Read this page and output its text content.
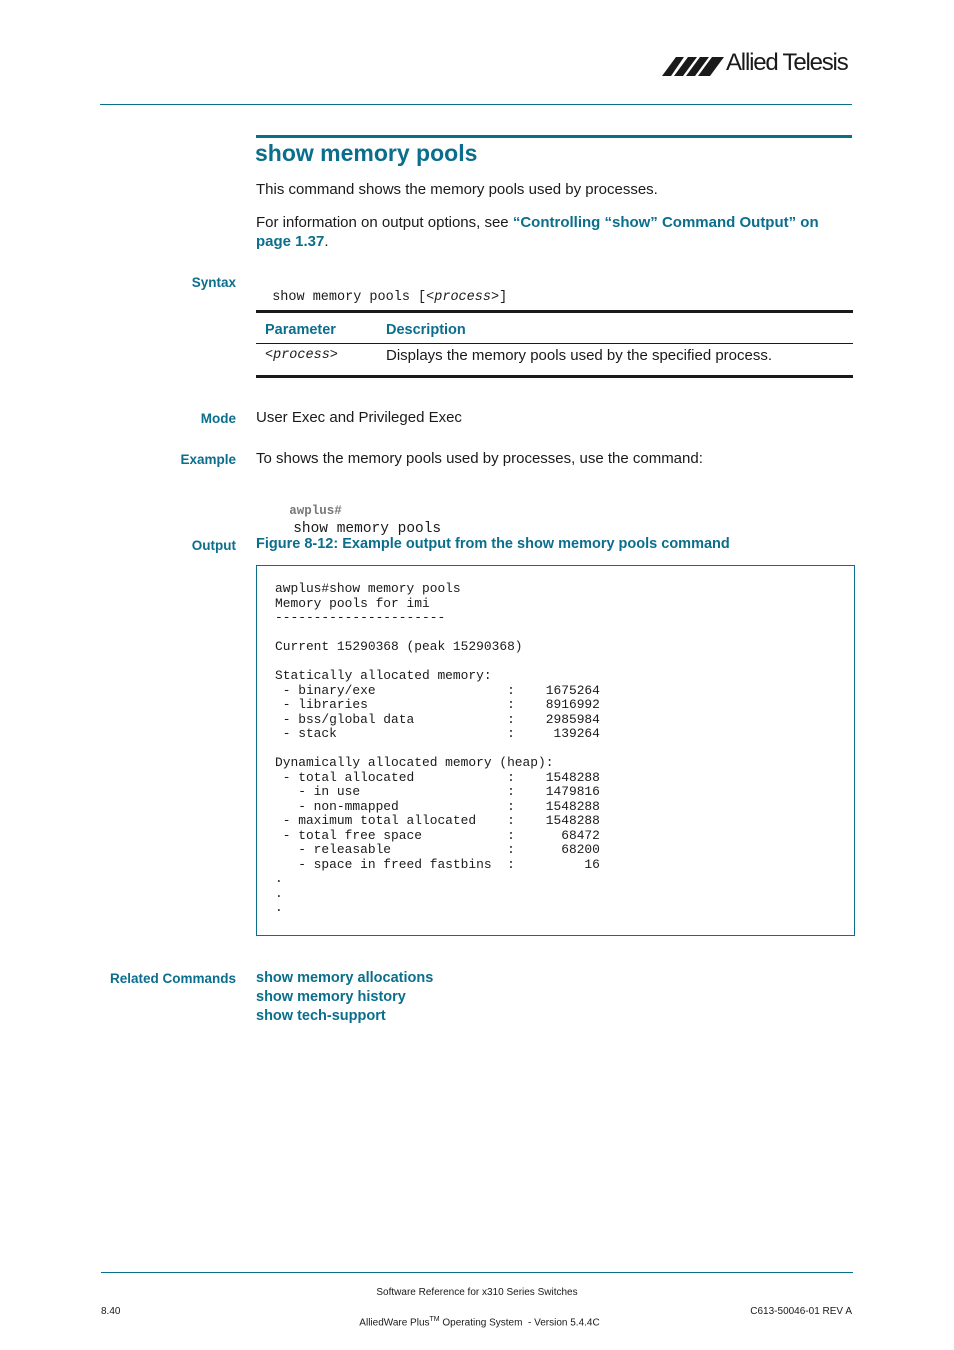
Allied Telesis
show memory pools
This command shows the memory pools used by processes.
For information on output options, see “Controlling “show” Command Output” on page 1.37.
Syntax

show memory pools [<process>]

Parameter	Description
<process>	Displays the memory pools used by the specified process.
Mode User Exec and Privileged Exec
Example To shows the memory pools used by processes, use the command:

awplus#
show memory pools

Output Figure 8-12: Example output from the show memory pools command
awplus#show memory pools
Memory pools for imi
----------------------

Current 15290368 (peak 15290368)

Statically allocated memory:
- binary/exe                 :    1675264
- libraries                  :    8916992
- bss/global data            :    2985984
- stack                      :     139264

Dynamically allocated memory (heap):
- total allocated            :    1548288
- in use                   :    1479816
- non-mmapped              :    1548288
- maximum total allocated    :    1548288
- total free space           :      68472
- releasable               :      68200
- space in freed fastbins  :         16
.
.
.
Related Commands show memory allocations
show memory history
show tech-support
Software Reference for x310 Series Switches

AlliedWare Plus™ Operating System  - Version 5.4.4C

8.40	C613-50046-01 REV A
